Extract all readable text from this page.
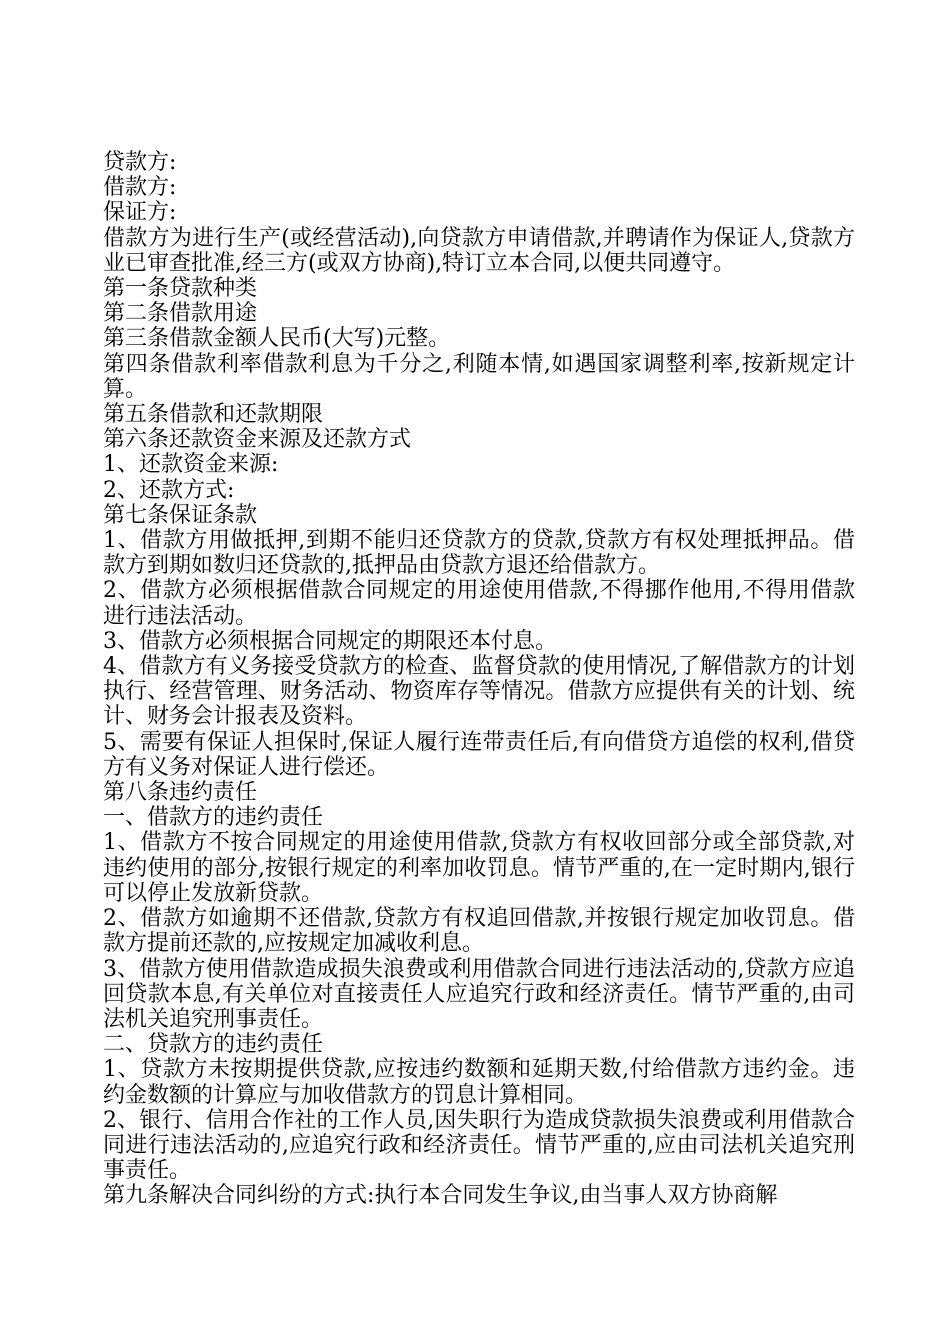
贷款方:

借款方:

保证方:

借款方为进行生产(或经营活动),向贷款方申请借款,并聘请作为保证人,贷款方业已审查批准,经三方(或双方协商),特订立本合同,以便共同遵守。

第一条贷款种类

第二条借款用途

第三条借款金额人民币(大写)元整。

第四条借款利率借款利息为千分之,利随本情,如遇国家调整利率,按新规定计算。

第五条借款和还款期限

第六条还款资金来源及还款方式

1、还款资金来源:

2、还款方式:

第七条保证条款

1、借款方用做抵押,到期不能归还贷款方的贷款,贷款方有权处理抵押品。借款方到期如数归还贷款的,抵押品由贷款方退还给借款方。

2、借款方必须根据借款合同规定的用途使用借款,不得挪作他用,不得用借款进行违法活动。

3、借款方必须根据合同规定的期限还本付息。

4、借款方有义务接受贷款方的检查、监督贷款的使用情况,了解借款方的计划执行、经营管理、财务活动、物资库存等情况。借款方应提供有关的计划、统计、财务会计报表及资料。

5、需要有保证人担保时,保证人履行连带责任后,有向借贷方追偿的权利,借贷方有义务对保证人进行偿还。

第八条违约责任

一、借款方的违约责任

1、借款方不按合同规定的用途使用借款,贷款方有权收回部分或全部贷款,对违约使用的部分,按银行规定的利率加收罚息。情节严重的,在一定时期内,银行可以停止发放新贷款。

2、借款方如逾期不还借款,贷款方有权追回借款,并按银行规定加收罚息。借款方提前还款的,应按规定加减收利息。

3、借款方使用借款造成损失浪费或利用借款合同进行违法活动的,贷款方应追回贷款本息,有关单位对直接责任人应追究行政和经济责任。情节严重的,由司法机关追究刑事责任。

二、贷款方的违约责任

1、贷款方未按期提供贷款,应按违约数额和延期天数,付给借款方违约金。违约金数额的计算应与加收借款方的罚息计算相同。

2、银行、信用合作社的工作人员,因失职行为造成贷款损失浪费或利用借款合同进行违法活动的,应追究行政和经济责任。情节严重的,应由司法机关追究刑事责任。

第九条解决合同纠纷的方式:执行本合同发生争议,由当事人双方协商解
